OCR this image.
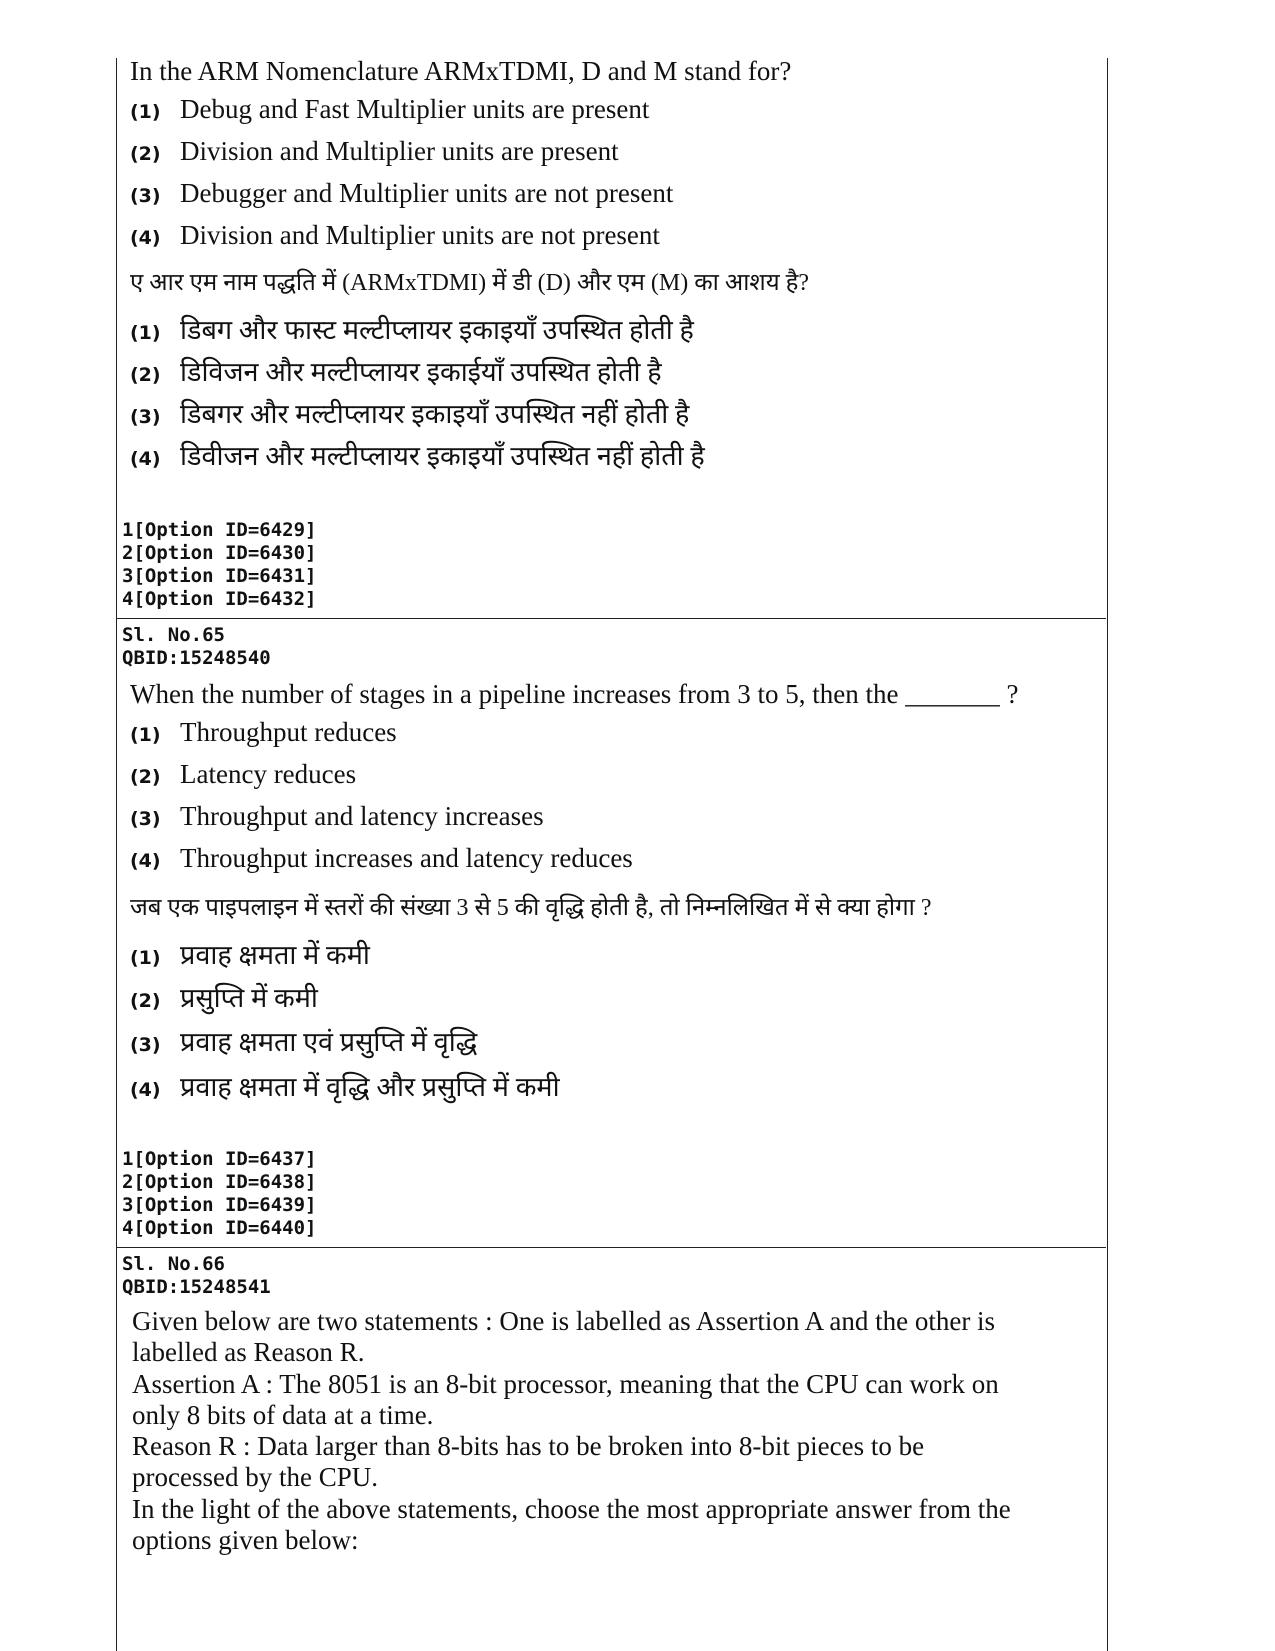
In the ARM Nomenclature ARMxTDMI, D and M stand for?
(1) Debug and Fast Multiplier units are present
(2) Division and Multiplier units are present
(3) Debugger and Multiplier units are not present
(4) Division and Multiplier units are not present
ए आर एम नाम पद्धति में (ARMxTDMI) में डी (D) और एम (M) का आशय है?
(1) डिबग और फास्ट मल्टीप्लायर इकाइयाँ उपस्थित होती है
(2) डिविजन और मल्टीप्लायर इकाईयाँ उपस्थित होती है
(3) डिबगर और मल्टीप्लायर इकाइयाँ उपस्थित नहीं होती है
(4) डिवीजन और मल्टीप्लायर इकाइयाँ उपस्थित नहीं होती है
1[Option ID=6429]
2[Option ID=6430]
3[Option ID=6431]
4[Option ID=6432]
Sl. No.65
QBID:15248540
When the number of stages in a pipeline increases from 3 to 5, then the _______ ?
(1) Throughput reduces
(2) Latency reduces
(3) Throughput and latency increases
(4) Throughput increases and latency reduces
जब एक पाइपलाइन में स्तरों की संख्या 3 से 5 की वृद्धि होती है, तो निम्नलिखित में से क्या होगा ?
(1) प्रवाह क्षमता में कमी
(2) प्रसुप्ति में कमी
(3) प्रवाह क्षमता एवं प्रसुप्ति में वृद्धि
(4) प्रवाह क्षमता में वृद्धि और प्रसुप्ति में कमी
1[Option ID=6437]
2[Option ID=6438]
3[Option ID=6439]
4[Option ID=6440]
Sl. No.66
QBID:15248541
Given below are two statements : One is labelled as Assertion A and the other is
labelled as Reason R.
Assertion A : The 8051 is an 8-bit processor, meaning that the CPU can work on
only 8 bits of data at a time.
Reason R : Data larger than 8-bits has to be broken into 8-bit pieces to be
processed by the CPU.
In the light of the above statements, choose the most appropriate answer from the
options given below:
